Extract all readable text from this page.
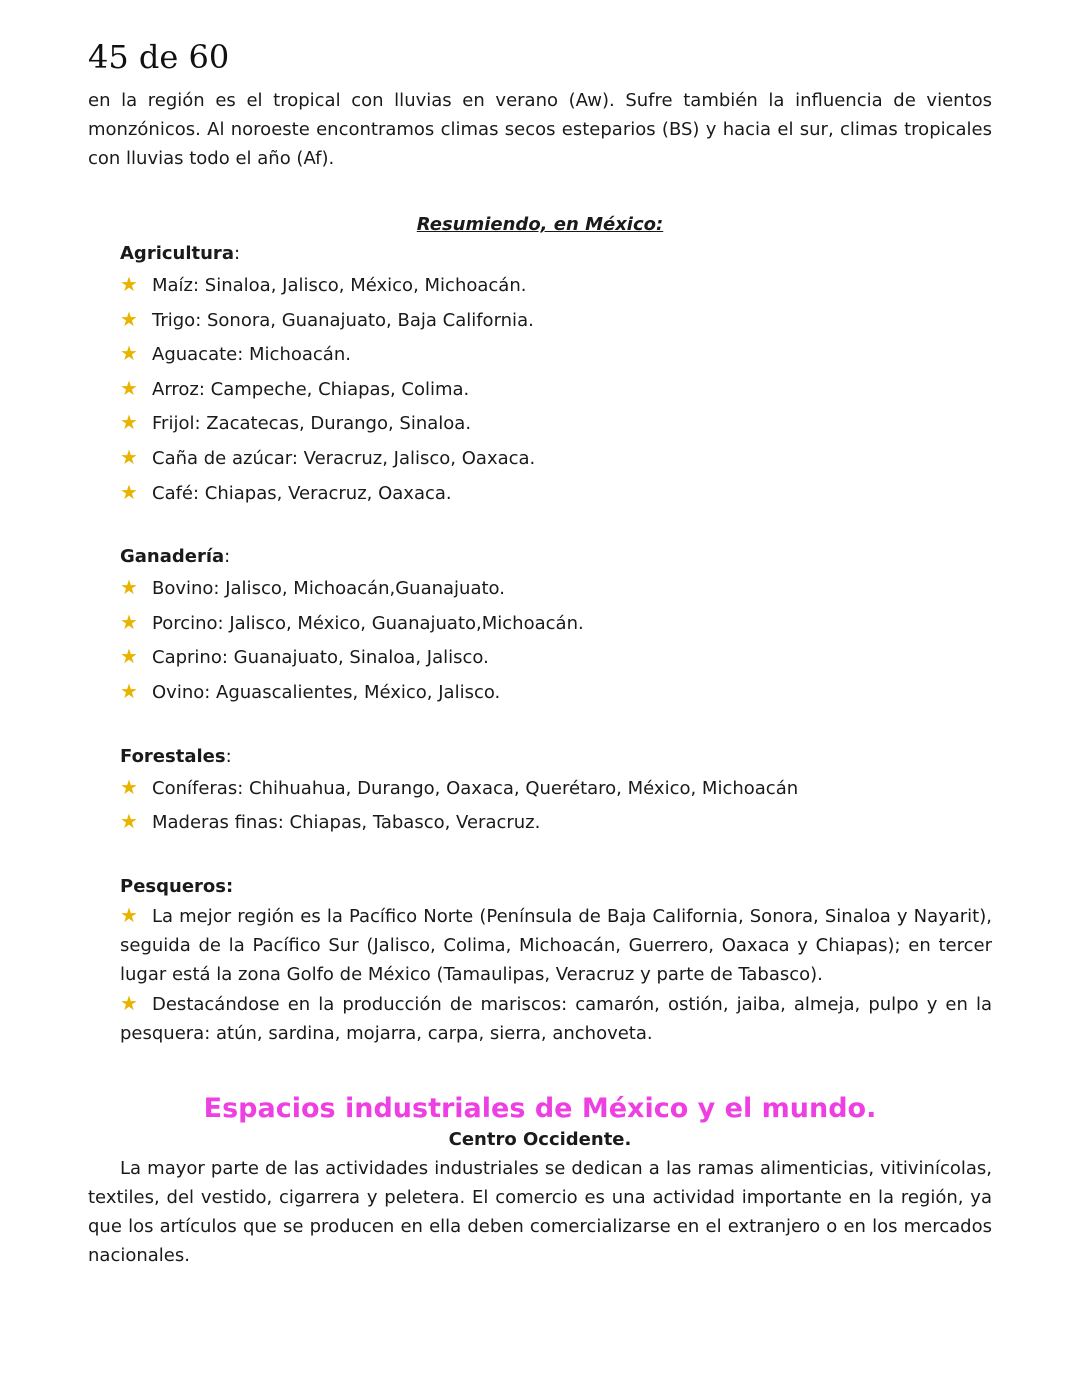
45 de 60

en la región es el tropical con lluvias en verano (Aw). Sufre también la influencia de vientos monzónicos. Al noroeste encontramos climas secos esteparios (BS) y hacia el sur, climas tropicales con lluvias todo el año (Af).

Resumiendo, en México:

Agricultura:
★ Maíz: Sinaloa, Jalisco, México, Michoacán.
★ Trigo: Sonora, Guanajuato, Baja California.
★ Aguacate: Michoacán.
★ Arroz: Campeche, Chiapas, Colima.
★ Frijol: Zacatecas, Durango, Sinaloa.
★ Caña de azúcar: Veracruz, Jalisco, Oaxaca.
★ Café: Chiapas, Veracruz, Oaxaca.
Ganadería:
★ Bovino: Jalisco, Michoacán,Guanajuato.
★ Porcino: Jalisco, México, Guanajuato,Michoacán.
★ Caprino: Guanajuato, Sinaloa, Jalisco.
★ Ovino: Aguascalientes, México, Jalisco.
Forestales:
★ Coníferas: Chihuahua, Durango, Oaxaca, Querétaro, México, Michoacán
★ Maderas finas: Chiapas, Tabasco, Veracruz.
Pesqueros:

★ La mejor región es la Pacífico Norte (Península de Baja California, Sonora, Sinaloa y Nayarit), seguida de la Pacífico Sur (Jalisco, Colima, Michoacán, Guerrero, Oaxaca y Chiapas); en tercer lugar está la zona Golfo de México (Tamaulipas, Veracruz y parte de Tabasco).

★ Destacándose en la producción de mariscos: camarón, ostión, jaiba, almeja, pulpo y en la pesquera: atún, sardina, mojarra, carpa, sierra, anchoveta.

Espacios industriales de México y el mundo.
Centro Occidente.

La mayor parte de las actividades industriales se dedican a las ramas alimenticias, vitivinícolas, textiles, del vestido, cigarrera y peletera. El comercio es una actividad importante en la región, ya que los artículos que se producen en ella deben comercializarse en el extranjero o en los mercados nacionales.
